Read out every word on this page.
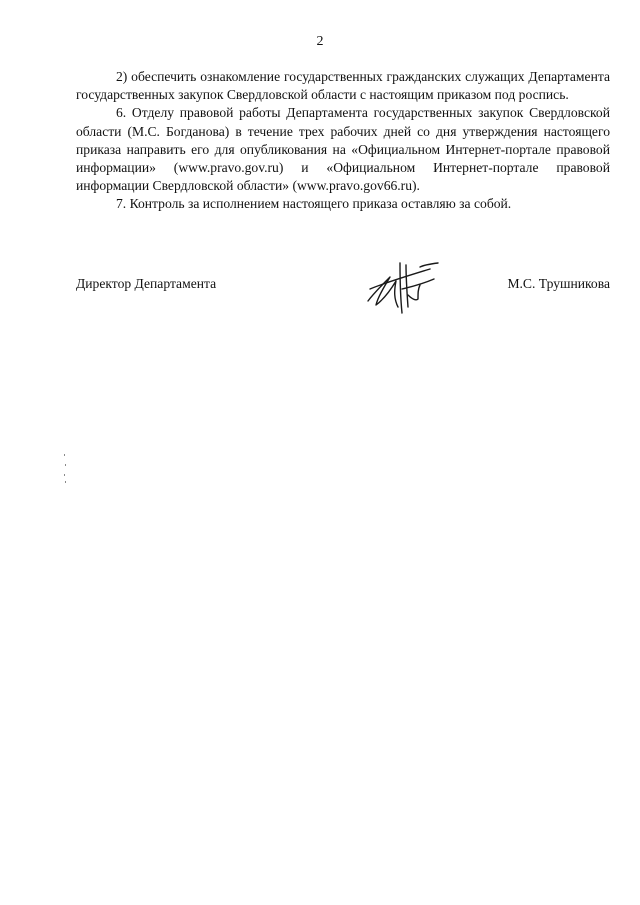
2

2) обеспечить ознакомление государственных гражданских служащих Департамента государственных закупок Свердловской области с настоящим приказом под роспись.

6. Отделу правовой работы Департамента государственных закупок Свердловской области (М.С. Богданова) в течение трех рабочих дней со дня утверждения настоящего приказа направить его для опубликования на «Официальном Интернет-портале правовой информации» (www.pravo.gov.ru) и «Официальном Интернет-портале правовой информации Свердловской области» (www.pravo.gov66.ru).

7. Контроль за исполнением настоящего приказа оставляю за собой.

Директор Департамента	М.С. Трушникова
